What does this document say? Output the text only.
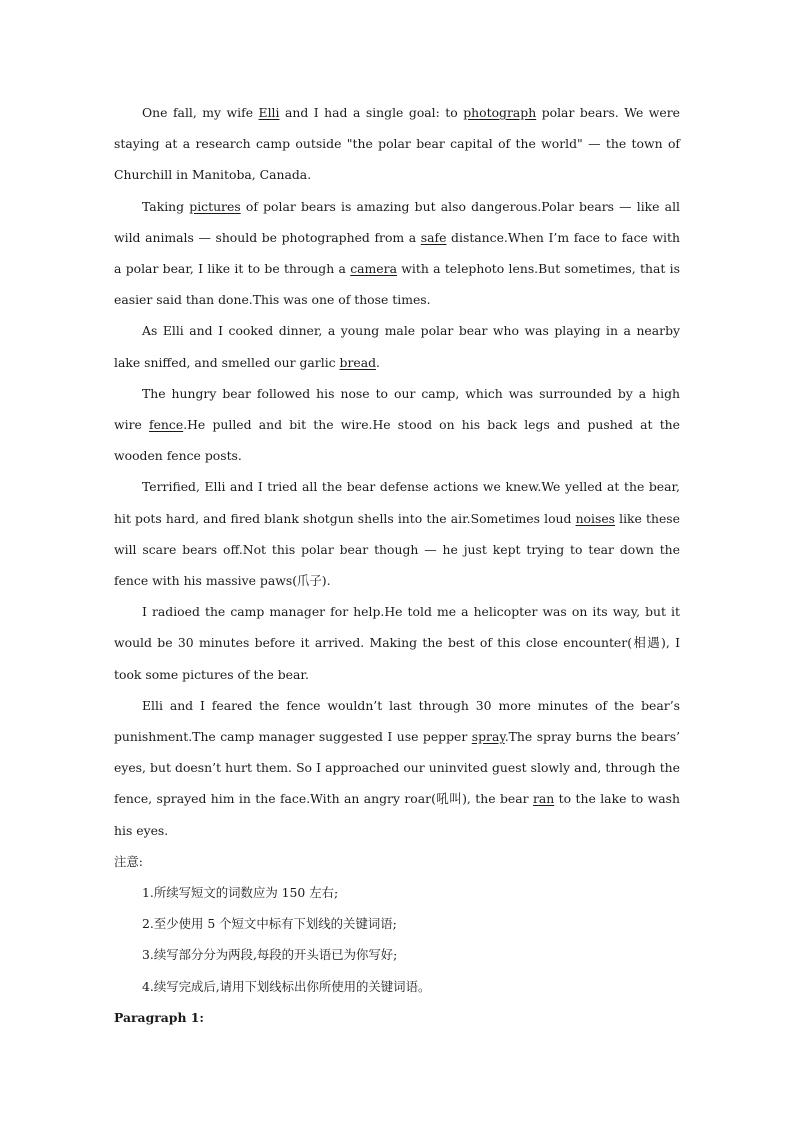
One fall, my wife Elli and I had a single goal: to photograph polar bears. We were staying at a research camp outside "the polar bear capital of the world" — the town of Churchill in Manitoba, Canada.

Taking pictures of polar bears is amazing but also dangerous.Polar bears — like all wild animals — should be photographed from a safe distance.When I’m face to face with a polar bear, I like it to be through a camera with a telephoto lens.But sometimes, that is easier said than done.This was one of those times.

As Elli and I cooked dinner, a young male polar bear who was playing in a nearby lake sniffed, and smelled our garlic bread.

The hungry bear followed his nose to our camp, which was surrounded by a high wire fence.He pulled and bit the wire.He stood on his back legs and pushed at the wooden fence posts.

Terrified, Elli and I tried all the bear defense actions we knew.We yelled at the bear, hit pots hard, and fired blank shotgun shells into the air.Sometimes loud noises like these will scare bears off.Not this polar bear though — he just kept trying to tear down the fence with his massive paws(爪子).

I radioed the camp manager for help.He told me a helicopter was on its way, but it would be 30 minutes before it arrived. Making the best of this close encounter(相遇), I took some pictures of the bear.

Elli and I feared the fence wouldn’t last through 30 more minutes of the bear’s punishment.The camp manager suggested I use pepper spray.The spray burns the bears’ eyes, but doesn’t hurt them. So I approached our uninvited guest slowly and, through the fence, sprayed him in the face.With an angry roar(吼叫), the bear ran to the lake to wash his eyes.

注意:

1.所续写短文的词数应为 150 左右;

2.至少使用 5 个短文中标有下划线的关键词语;

3.续写部分分为两段,每段的开头语已为你写好;

4.续写完成后,请用下划线标出你所使用的关键词语。

Paragraph 1:
